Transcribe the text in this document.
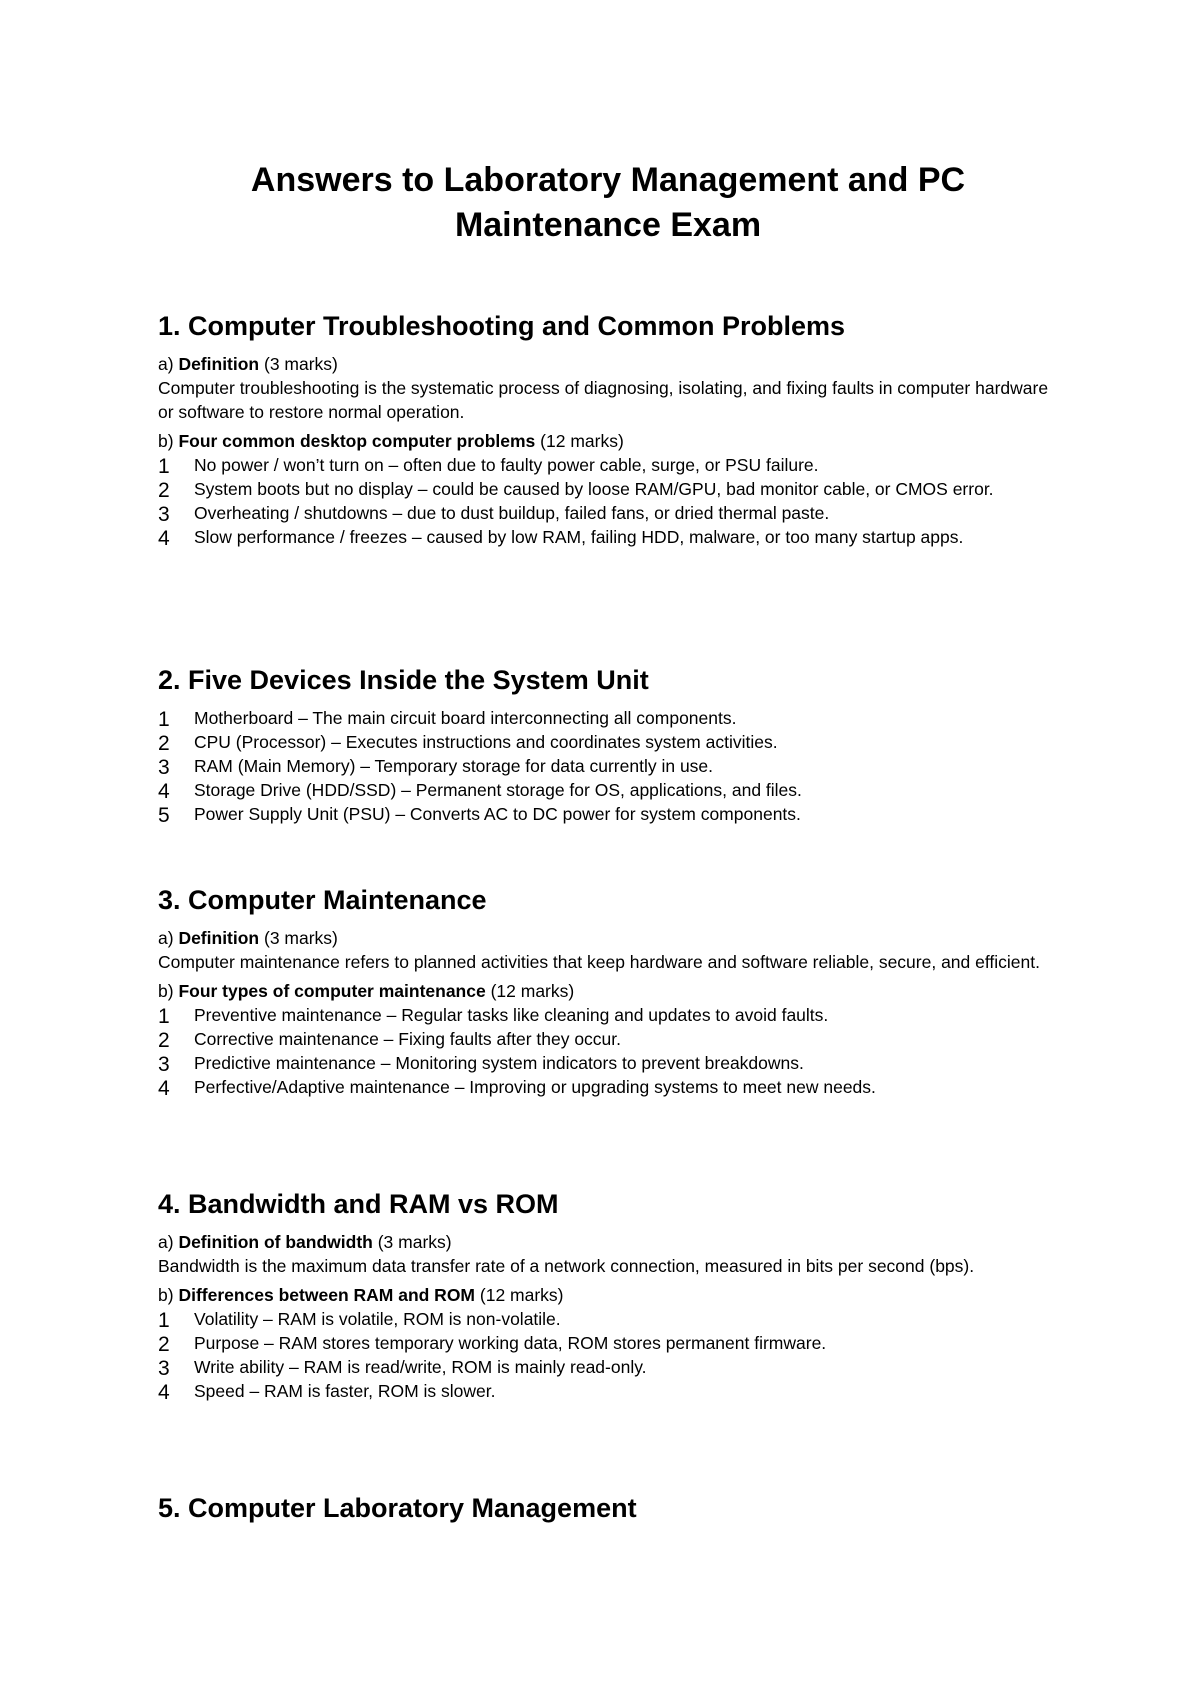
Answers to Laboratory Management and PC Maintenance Exam
1. Computer Troubleshooting and Common Problems

a) Definition (3 marks)

Computer troubleshooting is the systematic process of diagnosing, isolating, and fixing faults in computer hardware or software to restore normal operation.

b) Four common desktop computer problems (12 marks)

1 No power / won’t turn on – often due to faulty power cable, surge, or PSU failure.
2 System boots but no display – could be caused by loose RAM/GPU, bad monitor cable, or CMOS error.
3 Overheating / shutdowns – due to dust buildup, failed fans, or dried thermal paste.
4 Slow performance / freezes – caused by low RAM, failing HDD, malware, or too many startup apps.
2. Five Devices Inside the System Unit
1 Motherboard – The main circuit board interconnecting all components.
2 CPU (Processor) – Executes instructions and coordinates system activities.
3 RAM (Main Memory) – Temporary storage for data currently in use.
4 Storage Drive (HDD/SSD) – Permanent storage for OS, applications, and files.
5 Power Supply Unit (PSU) – Converts AC to DC power for system components.
3. Computer Maintenance

a) Definition (3 marks)

Computer maintenance refers to planned activities that keep hardware and software reliable, secure, and efficient.

b) Four types of computer maintenance (12 marks)

1 Preventive maintenance – Regular tasks like cleaning and updates to avoid faults.
2 Corrective maintenance – Fixing faults after they occur.
3 Predictive maintenance – Monitoring system indicators to prevent breakdowns.
4 Perfective/Adaptive maintenance – Improving or upgrading systems to meet new needs.
4. Bandwidth and RAM vs ROM

a) Definition of bandwidth (3 marks)

Bandwidth is the maximum data transfer rate of a network connection, measured in bits per second (bps).

b) Differences between RAM and ROM (12 marks)

1 Volatility – RAM is volatile, ROM is non-volatile.
2 Purpose – RAM stores temporary working data, ROM stores permanent firmware.
3 Write ability – RAM is read/write, ROM is mainly read-only.
4 Speed – RAM is faster, ROM is slower.
5. Computer Laboratory Management
